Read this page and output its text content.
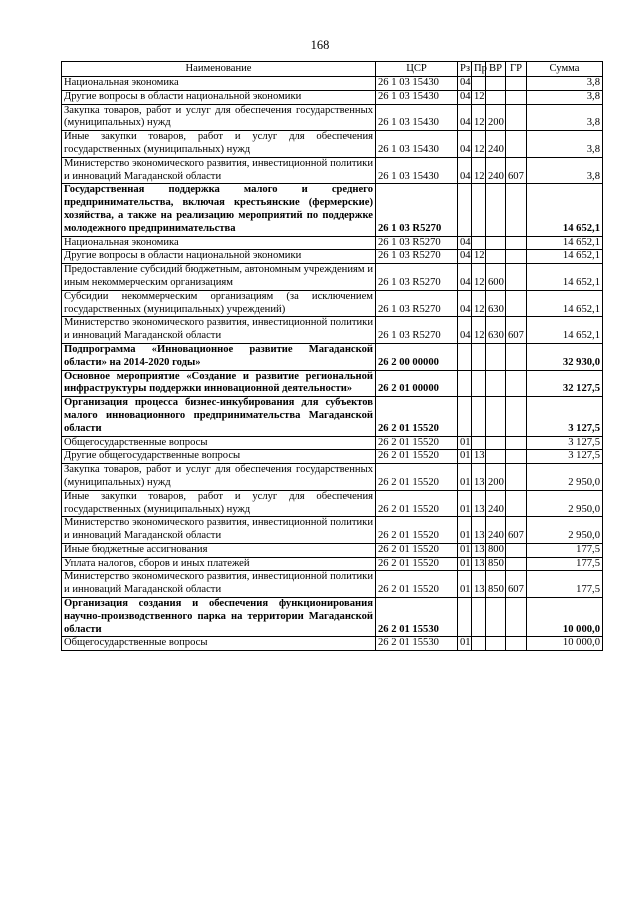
168
Наименование	ЦСР	Рз	Пр	ВР	ГР	Сумма
Национальная экономика	26 1 03 15430	04				3,8
Другие вопросы в области национальной экономики	26 1 03 15430	04	12			3,8
Закупка товаров, работ и услуг для обеспечения государственных (муниципальных) нужд	26 1 03 15430	04	12	200		3,8
Иные закупки товаров, работ и услуг для обеспечения государственных (муниципальных) нужд	26 1 03 15430	04	12	240		3,8
Министерство экономического развития, инвестиционной политики и инноваций Магаданской области	26 1 03 15430	04	12	240	607	3,8
Государственная поддержка малого и среднего предпринимательства, включая крестьянские (фермерские) хозяйства, а также на реализацию мероприятий по поддержке молодежного предпринимательства	26 1 03 R5270					14 652,1
Национальная экономика	26 1 03 R5270	04				14 652,1
Другие вопросы в области национальной экономики	26 1 03 R5270	04	12			14 652,1
Предоставление субсидий бюджетным, автономным учреждениям и иным некоммерческим организациям	26 1 03 R5270	04	12	600		14 652,1
Субсидии некоммерческим организациям (за исключением государственных (муниципальных) учреждений)	26 1 03 R5270	04	12	630		14 652,1
Министерство экономического развития, инвестиционной политики и инноваций Магаданской области	26 1 03 R5270	04	12	630	607	14 652,1
Подпрограмма «Инновационное развитие Магаданской области» на 2014-2020 годы»	26 2 00 00000					32 930,0
Основное мероприятие «Создание и развитие региональной инфраструктуры поддержки инновационной деятельности»	26 2 01 00000					32 127,5
Организация процесса бизнес-инкубирования для субъектов малого инновационного предпринимательства Магаданской области	26 2 01 15520					3 127,5
Общегосударственные вопросы	26 2 01 15520	01				3 127,5
Другие общегосударственные вопросы	26 2 01 15520	01	13			3 127,5
Закупка товаров, работ и услуг для обеспечения государственных (муниципальных) нужд	26 2 01 15520	01	13	200		2 950,0
Иные закупки товаров, работ и услуг для обеспечения государственных (муниципальных) нужд	26 2 01 15520	01	13	240		2 950,0
Министерство экономического развития, инвестиционной политики и инноваций Магаданской области	26 2 01 15520	01	13	240	607	2 950,0
Иные бюджетные ассигнования	26 2 01 15520	01	13	800		177,5
Уплата налогов, сборов и иных платежей	26 2 01 15520	01	13	850		177,5
Министерство экономического развития, инвестиционной политики и инноваций Магаданской области	26 2 01 15520	01	13	850	607	177,5
Организация создания и обеспечения функционирования научно-производственного парка на территории Магаданской области	26 2 01 15530					10 000,0
Общегосударственные вопросы	26 2 01 15530	01				10 000,0
